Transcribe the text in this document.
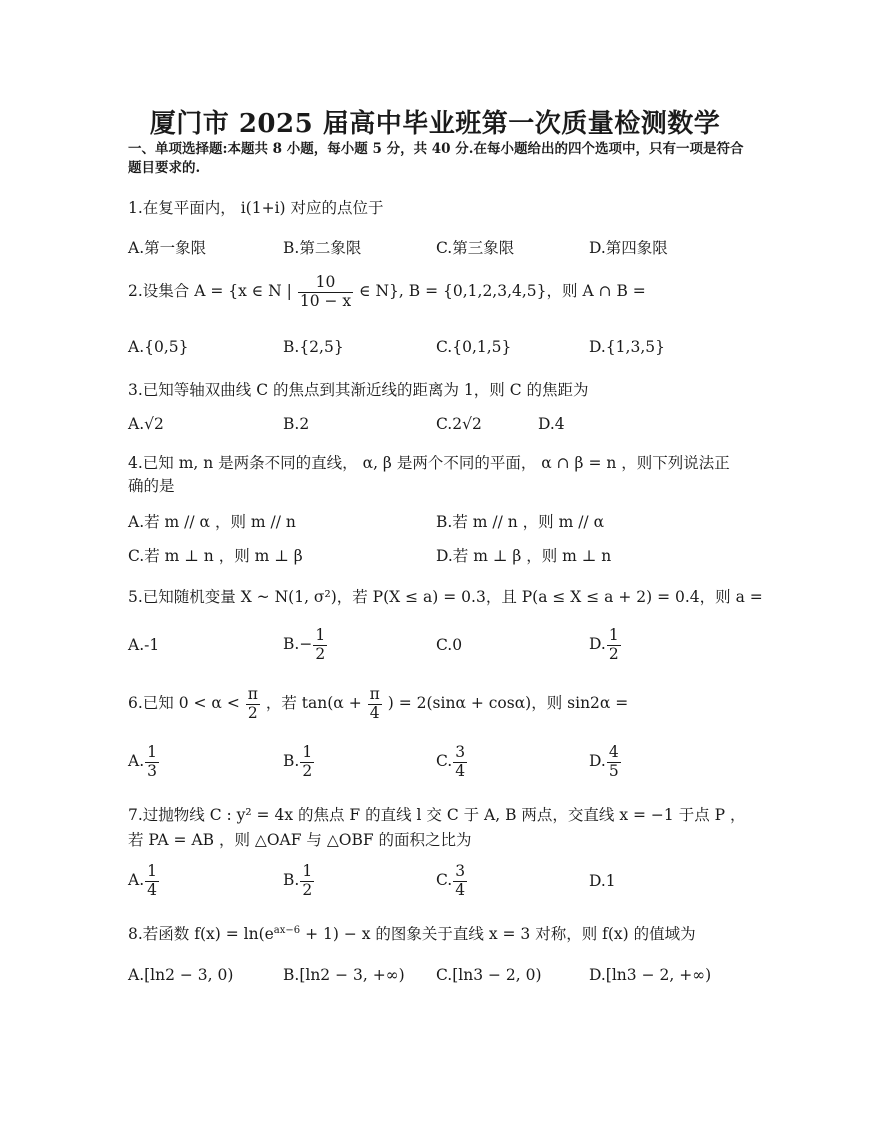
厦门市 2025 届高中毕业班第一次质量检测数学
一、单项选择题:本题共 8 小题，每小题 5 分，共 40 分.在每小题给出的四个选项中，只有一项是符合题目要求的.
1.在复平面内， i(1+i) 对应的点位于
A.第一象限	B.第二象限	C.第三象限	D.第四象限
2.设集合 A = {x ∈ N | $\frac{10}{10 - x}$ ∈ N}, B = {0,1,2,3,4,5}，则 A ∩ B =
A.{0,5}	B.{2,5}	C.{0,1,5}	D.{1,3,5}
3.已知等轴双曲线 C 的焦点到其渐近线的距离为 1，则 C 的焦距为
A.√2	B.2	C.2√2	D.4
4.已知 m, n 是两条不同的直线， α, β 是两个不同的平面， α ∩ β = n ，则下列说法正
确的是
A.若 m // α ，则 m // n	B.若 m // n ，则 m // α
C.若 m ⊥ n ，则 m ⊥ β	D.若 m ⊥ β ，则 m ⊥ n
5.已知随机变量 X ~ N(1, σ²)，若 P(X ≤ a) = 0.3，且 P(a ≤ X ≤ a + 2) = 0.4，则 a =
A.-1	$B.- \frac{1}{2}$	C.0	D. $\frac{1}{2}$
6.已知 $0 < \alpha < \frac{\pi}{2}$ ，若 $\tan(\alpha + \frac{\pi}{4}$ ) = 2(sinα + cosα)，则 sin2α =
A. $\frac{1}{3}$	B. $\frac{1}{2}$	C. $\frac{3}{4}$	D. $\frac{4}{5}$
7.过抛物线 C : y² = 4x 的焦点 F 的直线 l 交 C 于 A, B 两点，交直线 x = −1 于点 P ，
若 PA = AB ，则 △OAF 与 △OBF 的面积之比为
A. $\frac{1}{4}$	B. $\frac{1}{2}$	C. $\frac{3}{4}$	D.1
8.若函数 $f(x) = \ln(e^{ax-6} + 1) - x$ 的图象关于直线 x = 3 对称，则 f(x) 的值域为
A.[ln2 − 3, 0)	B.[ln2 − 3, +∞) C.[ln3 − 2, 0)	D.[ln3 − 2, +∞)
